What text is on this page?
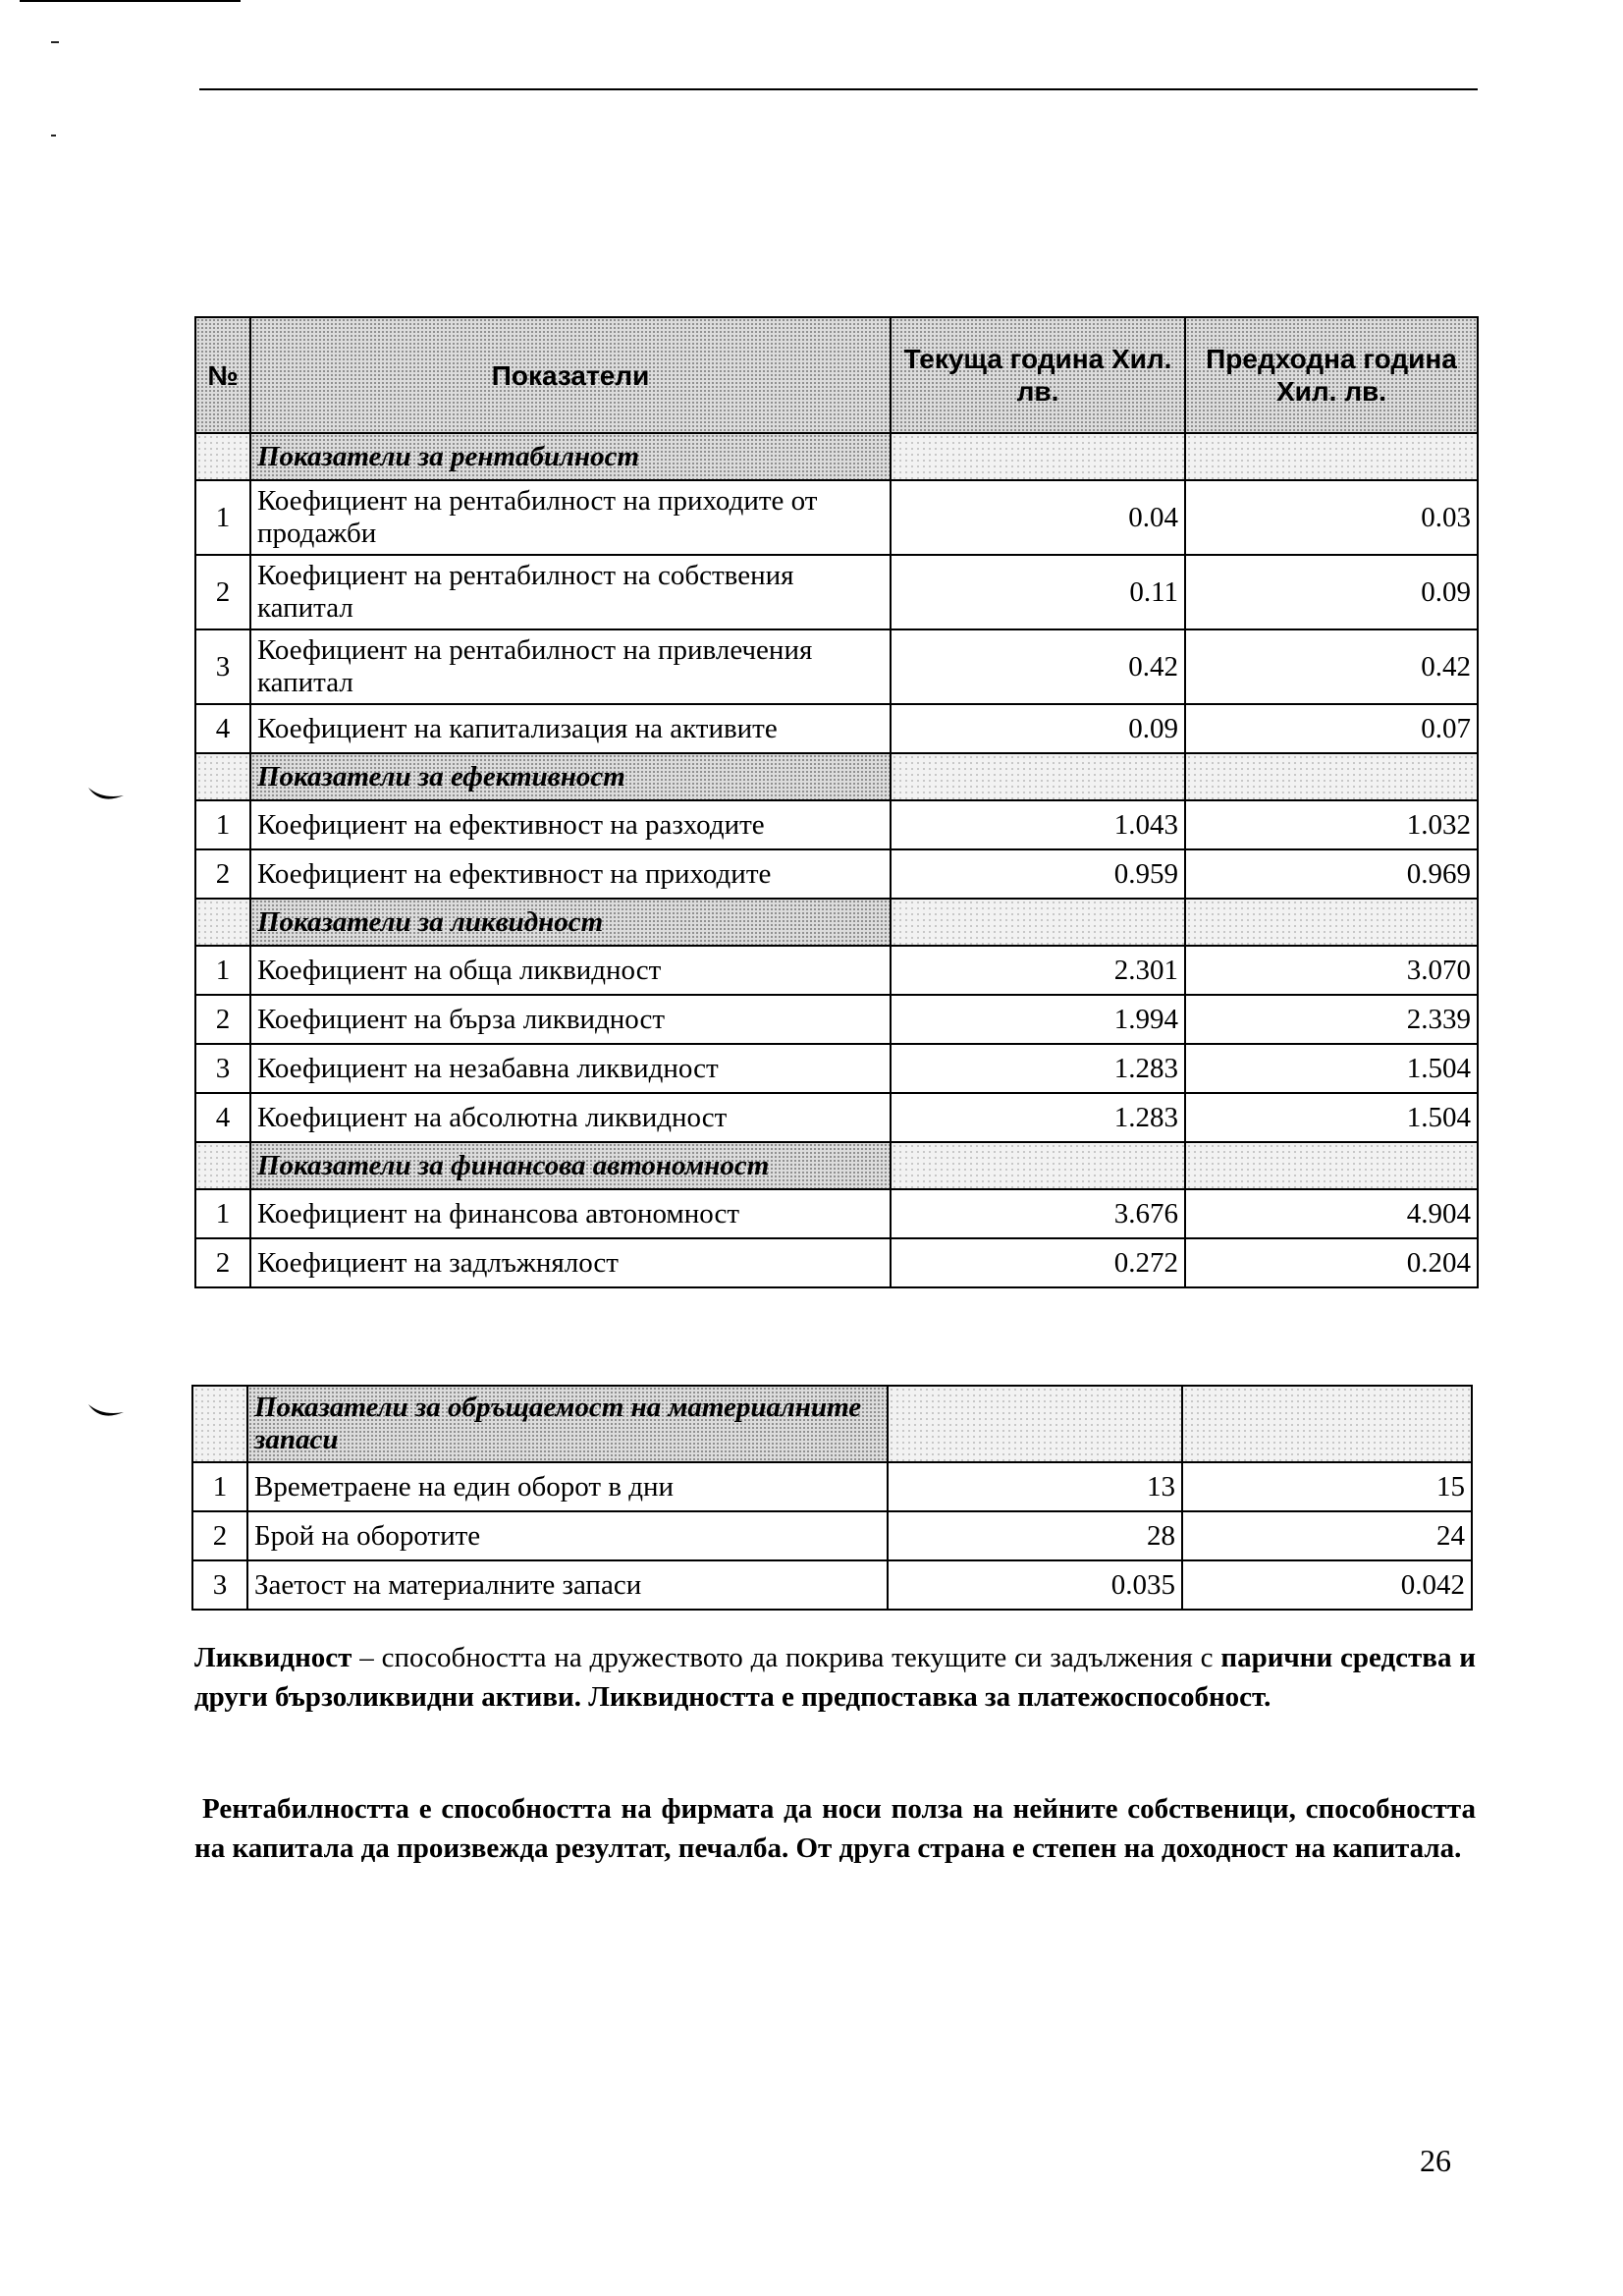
№	Показатели	Текуща година Хил. лв.	Предходна година Хил. лв.
	Показатели за рентабилност		
1	Коефициент на рентабилност на приходите от продажби	0.04	0.03
2	Коефициент на рентабилност на собствения капитал	0.11	0.09
3	Коефициент на рентабилност на привлечения капитал	0.42	0.42
4	Коефициент на капитализация на активите	0.09	0.07
	Показатели за ефективност		
1	Коефициент на ефективност на разходите	1.043	1.032
2	Коефициент на ефективност на приходите	0.959	0.969
	Показатели за ликвидност		
1	Коефициент на обща ликвидност	2.301	3.070
2	Коефициент на бърза ликвидност	1.994	2.339
3	Коефициент на незабавна ликвидност	1.283	1.504
4	Коефициент на абсолютна ликвидност	1.283	1.504
	Показатели за финансова автономност		
1	Коефициент на финансова автономност	3.676	4.904
2	Коефициент на задлъжнялост	0.272	0.204
	Показатели за обръщаемост на материалните запаси		
1	Времетраене на един оборот в дни	13	15
2	Брой на оборотите	28	24
3	Заетост на материалните запаси	0.035	0.042

Ликвидност – способността на дружеството да покрива текущите си задължения с парични средства и други бързоликвидни активи. Ликвидността е предпоставка за платежоспособност.

Рентабилността е способността на фирмата да носи полза на нейните собственици, способността на капитала да произвежда резултат, печалба. От друга страна е степен на доходност на капитала.

26
